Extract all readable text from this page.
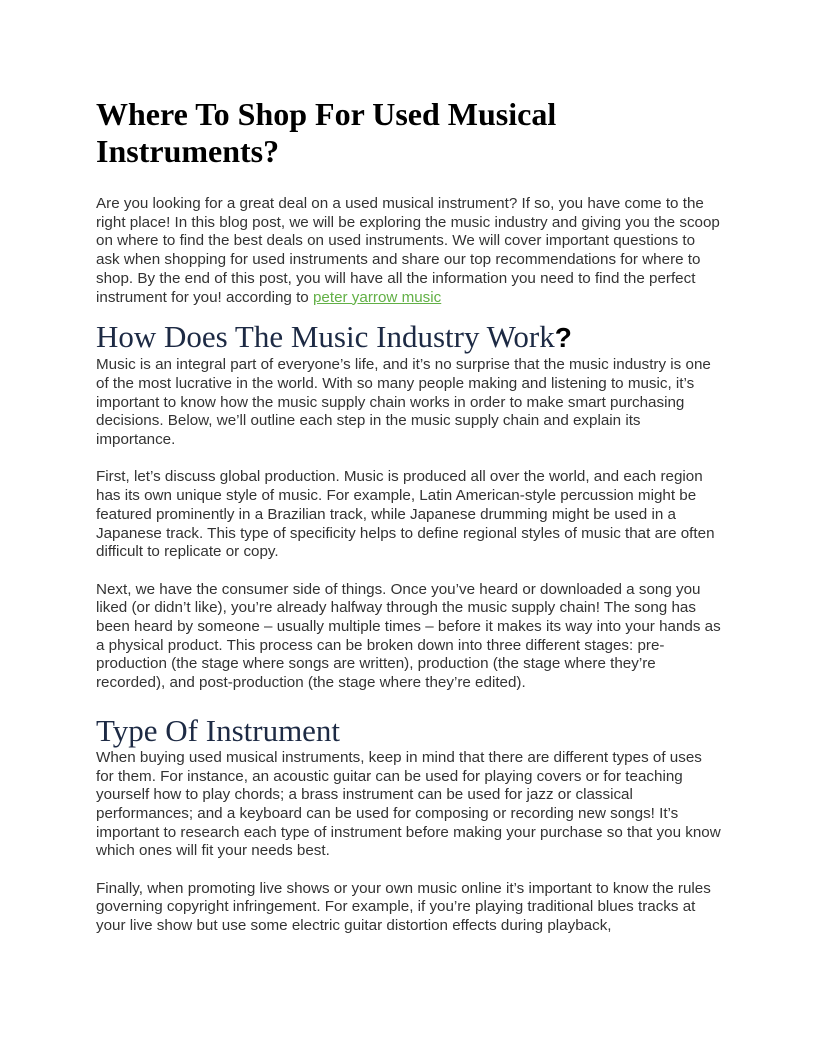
Where To Shop For Used Musical Instruments?

Are you looking for a great deal on a used musical instrument? If so, you have come to the right place! In this blog post, we will be exploring the music industry and giving you the scoop on where to find the best deals on used instruments. We will cover important questions to ask when shopping for used instruments and share our top recommendations for where to shop. By the end of this post, you will have all the information you need to find the perfect instrument for you! according to peter yarrow music

How Does The Music Industry Work?

Music is an integral part of everyone’s life, and it’s no surprise that the music industry is one of the most lucrative in the world. With so many people making and listening to music, it’s important to know how the music supply chain works in order to make smart purchasing decisions. Below, we’ll outline each step in the music supply chain and explain its importance.

First, let’s discuss global production. Music is produced all over the world, and each region has its own unique style of music. For example, Latin American-style percussion might be featured prominently in a Brazilian track, while Japanese drumming might be used in a Japanese track. This type of specificity helps to define regional styles of music that are often difficult to replicate or copy.

Next, we have the consumer side of things. Once you’ve heard or downloaded a song you liked (or didn’t like), you’re already halfway through the music supply chain! The song has been heard by someone – usually multiple times – before it makes its way into your hands as a physical product. This process can be broken down into three different stages: pre-production (the stage where songs are written), production (the stage where they’re recorded), and post-production (the stage where they’re edited).

Type Of Instrument

When buying used musical instruments, keep in mind that there are different types of uses for them. For instance, an acoustic guitar can be used for playing covers or for teaching yourself how to play chords; a brass instrument can be used for jazz or classical performances; and a keyboard can be used for composing or recording new songs! It’s important to research each type of instrument before making your purchase so that you know which ones will fit your needs best.

Finally, when promoting live shows or your own music online it’s important to know the rules governing copyright infringement. For example, if you’re playing traditional blues tracks at your live show but use some electric guitar distortion effects during playback,
